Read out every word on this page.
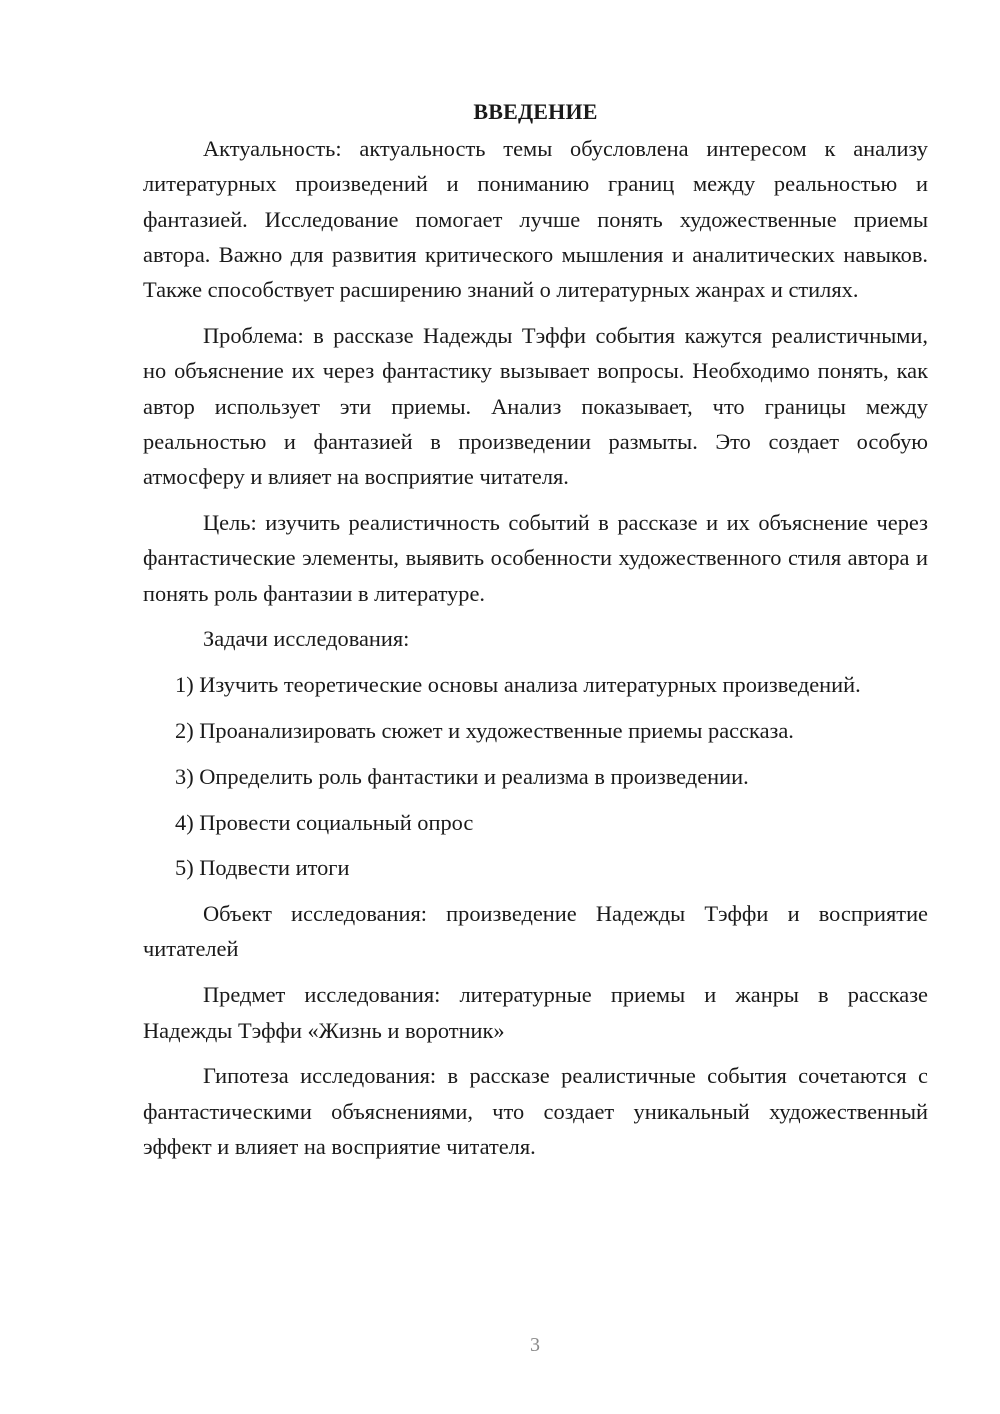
ВВЕДЕНИЕ

Актуальность: актуальность темы обусловлена интересом к анализу литературных произведений и пониманию границ между реальностью и фантазией. Исследование помогает лучше понять художественные приемы автора. Важно для развития критического мышления и аналитических навыков. Также способствует расширению знаний о литературных жанрах и стилях.

Проблема: в рассказе Надежды Тэффи события кажутся реалистичными, но объяснение их через фантастику вызывает вопросы. Необходимо понять, как автор использует эти приемы. Анализ показывает, что границы между реальностью и фантазией в произведении размыты. Это создает особую атмосферу и влияет на восприятие читателя.

Цель: изучить реалистичность событий в рассказе и их объяснение через фантастические элементы, выявить особенности художественного стиля автора и понять роль фантазии в литературе.

Задачи исследования:

1) Изучить теоретические основы анализа литературных произведений.

2) Проанализировать сюжет и художественные приемы рассказа.

3) Определить роль фантастики и реализма в произведении.

4) Провести социальный опрос

5) Подвести итоги

Объект исследования: произведение Надежды Тэффи и восприятие читателей

Предмет исследования: литературные приемы и жанры в рассказе Надежды Тэффи «Жизнь и воротник»

Гипотеза исследования: в рассказе реалистичные события сочетаются с фантастическими объяснениями, что создает уникальный художественный эффект и влияет на восприятие читателя.

3
